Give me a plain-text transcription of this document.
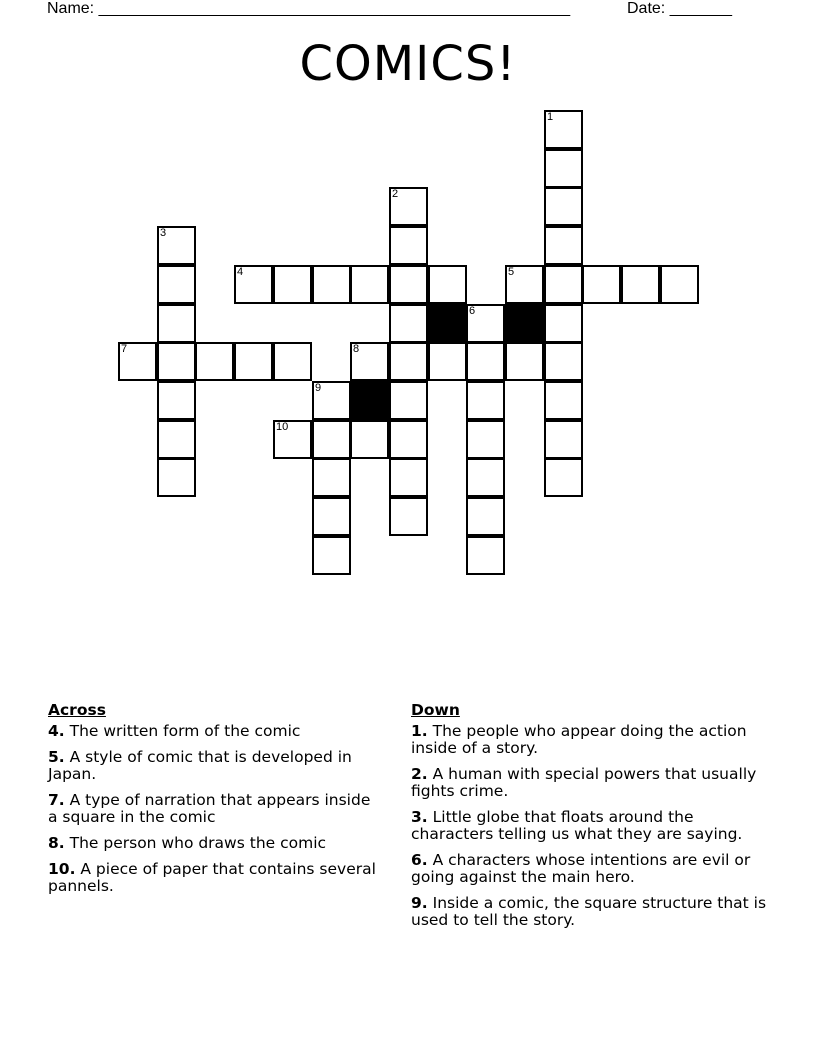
Name: _____________________________________________________	Date: _______
COMICS!
1
2
3
4	5
6
7	8
9
10
Across
4. The written form of the comic
5. A style of comic that is developed in Japan.
7. A type of narration that appears inside a square in the comic
8. The person who draws the comic
10. A piece of paper that contains several pannels.
Down
1. The people who appear doing the action inside of a story.
2. A human with special powers that usually fights crime.
3. Little globe that floats around the characters telling us what they are saying.
6. A characters whose intentions are evil or going against the main hero.
9. Inside a comic, the square structure that is used to tell the story.
